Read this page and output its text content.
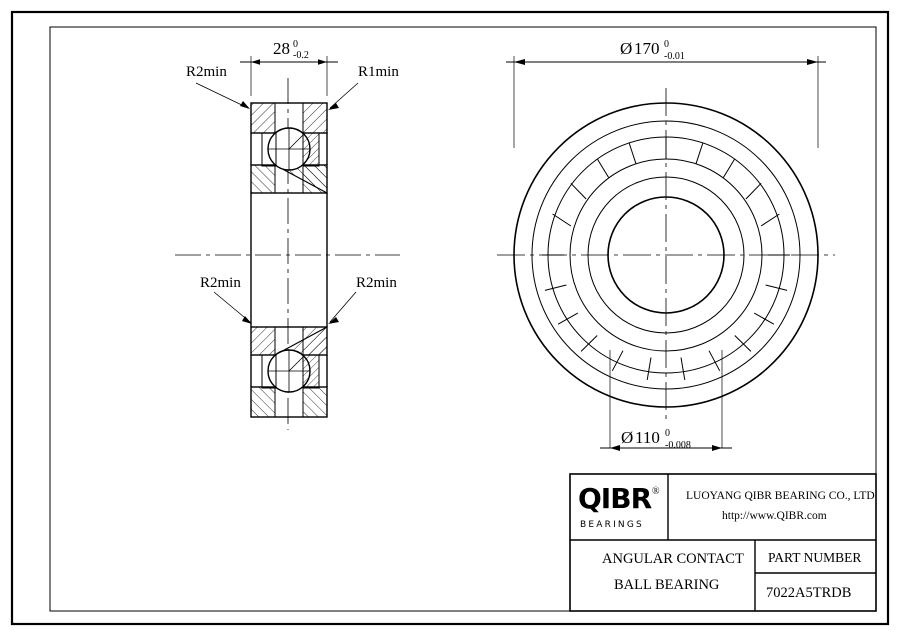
28 0
-0.2
R2min	R1min
R2min	R2min
Ø 170 0
-0.01
Ø 110 0
-0.008
QIBR ®
BEARINGS
LUOYANG QIBR BEARING CO., LTD
http://www.QIBR.com
ANGULAR CONTACT
BALL BEARING
PART NUMBER
7022A5TRDB
